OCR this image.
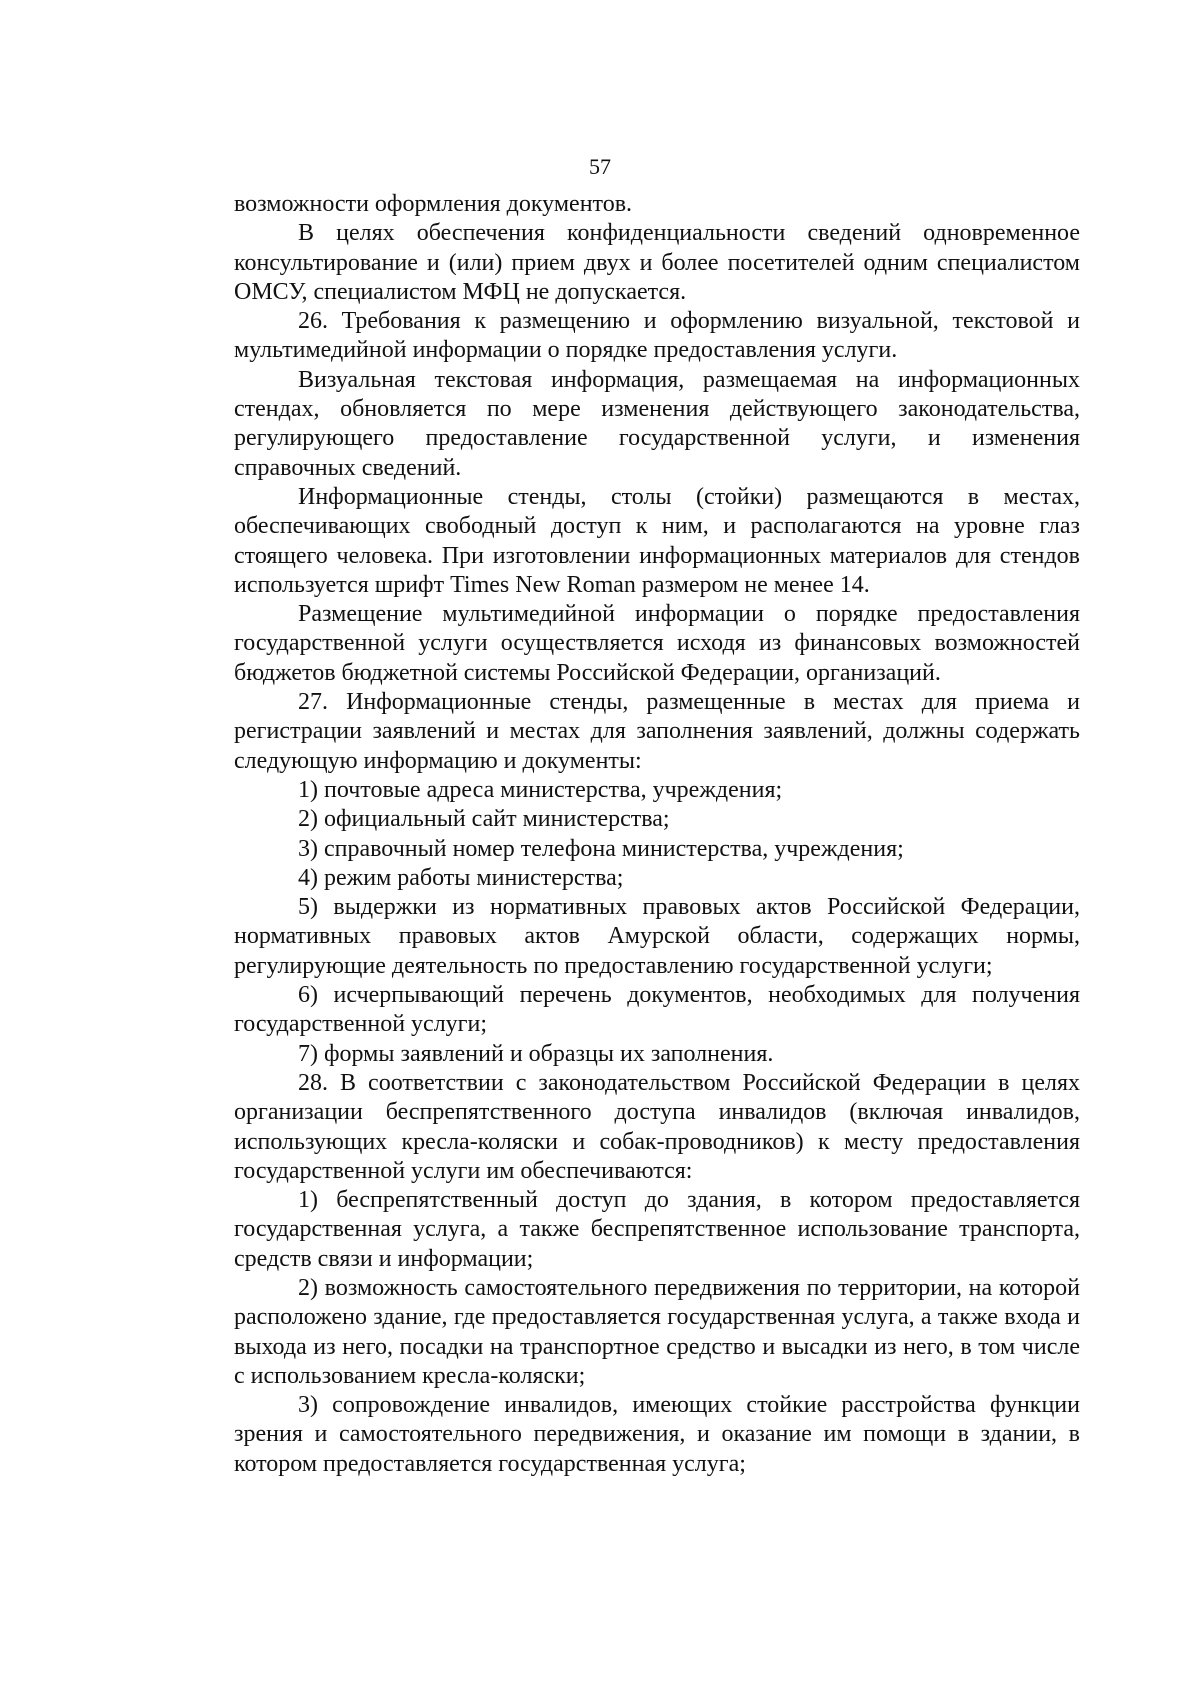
57

возможности оформления документов.

В целях обеспечения конфиденциальности сведений одновременное консультирование и (или) прием двух и более посетителей одним специалистом ОМСУ, специалистом МФЦ не допускается.

26. Требования к размещению и оформлению визуальной, текстовой и мультимедийной информации о порядке предоставления услуги.

Визуальная текстовая информация, размещаемая на информационных стендах, обновляется по мере изменения действующего законодательства, регулирующего предоставление государственной услуги, и изменения справочных сведений.

Информационные стенды, столы (стойки) размещаются в местах, обеспечивающих свободный доступ к ним, и располагаются на уровне глаз стоящего человека. При изготовлении информационных материалов для стендов используется шрифт Times New Roman размером не менее 14.

Размещение мультимедийной информации о порядке предоставления государственной услуги осуществляется исходя из финансовых возможностей бюджетов бюджетной системы Российской Федерации, организаций.

27. Информационные стенды, размещенные в местах для приема и регистрации заявлений и местах для заполнения заявлений, должны содержать следующую информацию и документы:

1) почтовые адреса министерства, учреждения;

2) официальный сайт министерства;

3) справочный номер телефона министерства, учреждения;

4) режим работы министерства;

5) выдержки из нормативных правовых актов Российской Федерации, нормативных правовых актов Амурской области, содержащих нормы, регулирующие деятельность по предоставлению государственной услуги;

6) исчерпывающий перечень документов, необходимых для получения государственной услуги;

7) формы заявлений и образцы их заполнения.

28. В соответствии с законодательством Российской Федерации в целях организации беспрепятственного доступа инвалидов (включая инвалидов, использующих кресла-коляски и собак-проводников) к месту предоставления государственной услуги им обеспечиваются:

1) беспрепятственный доступ до здания, в котором предоставляется государственная услуга, а также беспрепятственное использование транспорта, средств связи и информации;

2) возможность самостоятельного передвижения по территории, на которой расположено здание, где предоставляется государственная услуга, а также входа и выхода из него, посадки на транспортное средство и высадки из него, в том числе с использованием кресла-коляски;

3) сопровождение инвалидов, имеющих стойкие расстройства функции зрения и самостоятельного передвижения, и оказание им помощи в здании, в котором предоставляется государственная услуга;
